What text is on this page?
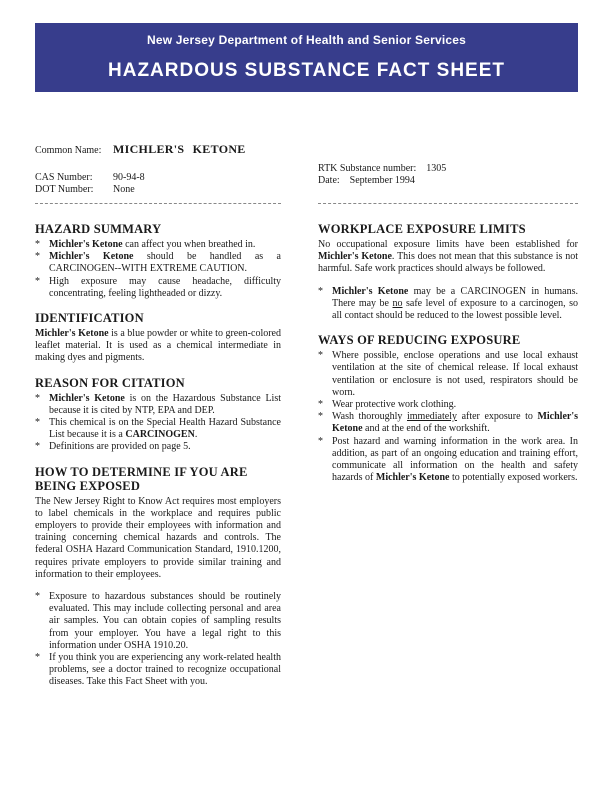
New Jersey Department of Health and Senior Services
HAZARDOUS SUBSTANCE FACT SHEET
Common Name: MICHLER'S KETONE
CAS Number:	90-94-8
DOT Number:	None
RTK Substance number: 1305
Date: September 1994
HAZARD SUMMARY
* Michler's Ketone can affect you when breathed in.
* Michler's Ketone should be handled as a CARCINOGEN--WITH EXTREME CAUTION.
* High exposure may cause headache, difficulty concentrating, feeling lightheaded or dizzy.
IDENTIFICATION

Michler's Ketone is a blue powder or white to green-colored leaflet material. It is used as a chemical intermediate in making dyes and pigments.

REASON FOR CITATION
* Michler's Ketone is on the Hazardous Substance List because it is cited by NTP, EPA and DEP.
* This chemical is on the Special Health Hazard Substance List because it is a CARCINOGEN.
* Definitions are provided on page 5.
HOW TO DETERMINE IF YOU ARE BEING EXPOSED

The New Jersey Right to Know Act requires most employers to label chemicals in the workplace and requires public employers to provide their employees with information and training concerning chemical hazards and controls. The federal OSHA Hazard Communication Standard, 1910.1200, requires private employers to provide similar training and information to their employees.

* Exposure to hazardous substances should be routinely evaluated. This may include collecting personal and area air samples. You can obtain copies of sampling results from your employer. You have a legal right to this information under OSHA 1910.20.
* If you think you are experiencing any work-related health problems, see a doctor trained to recognize occupational diseases. Take this Fact Sheet with you.
WORKPLACE EXPOSURE LIMITS

No occupational exposure limits have been established for Michler's Ketone. This does not mean that this substance is not harmful. Safe work practices should always be followed.

* Michler's Ketone may be a CARCINOGEN in humans. There may be no safe level of exposure to a carcinogen, so all contact should be reduced to the lowest possible level.
WAYS OF REDUCING EXPOSURE
* Where possible, enclose operations and use local exhaust ventilation at the site of chemical release. If local exhaust ventilation or enclosure is not used, respirators should be worn.
* Wear protective work clothing.
* Wash thoroughly immediately after exposure to Michler's Ketone and at the end of the workshift.
* Post hazard and warning information in the work area. In addition, as part of an ongoing education and training effort, communicate all information on the health and safety hazards of Michler's Ketone to potentially exposed workers.
